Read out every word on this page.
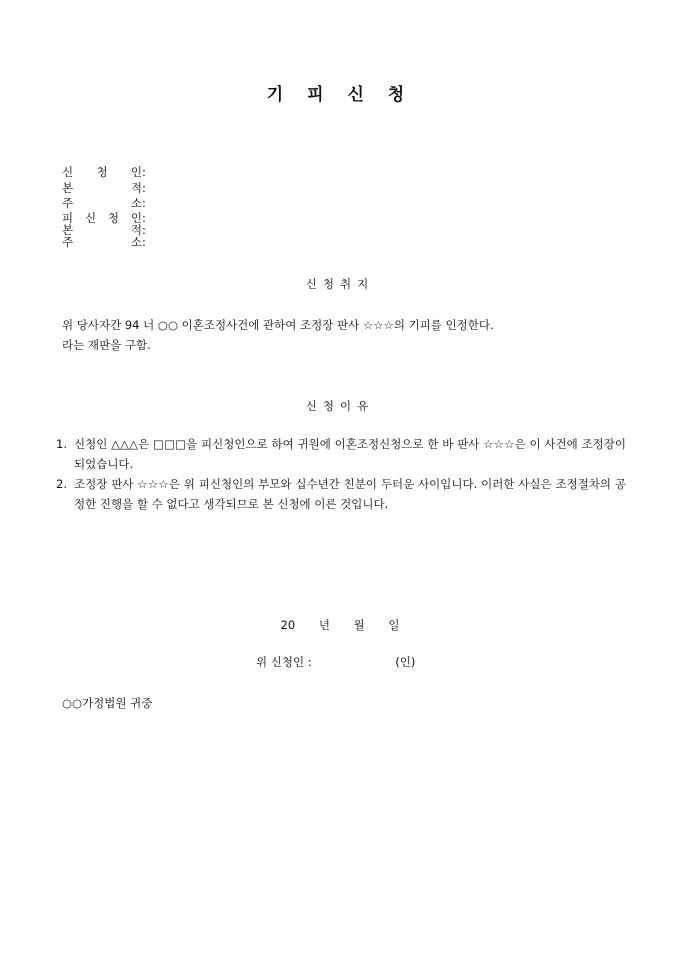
기 피 신 청
신 청 인 :
본	적 :
주	소 :
피 신 청 인 :
본	적 :
주	소 :
신청취지
위 당사자간 94 너 ○○ 이혼조정사건에 관하여 조정장 판사 ☆☆☆의 기피를 인정한다.
라는 재판을 구함.
신청이유
1. 신청인 △△△은 □□□을 피신청인으로 하여 귀원에 이혼조정신청으로 한 바 판사 ☆☆☆은 이 사건에 조정장이 되었습니다.
2. 조정장 판사 ☆☆☆은 위 피신청인의 부모와 십수년간 친분이 두터운 사이입니다. 이러한 사실은 조정절차의 공정한 진행을 할 수 없다고 생각되므로 본 신청에 이른 것입니다.
20 년 월 일
위 신청인 :	(인)
○○가정법원 귀중
